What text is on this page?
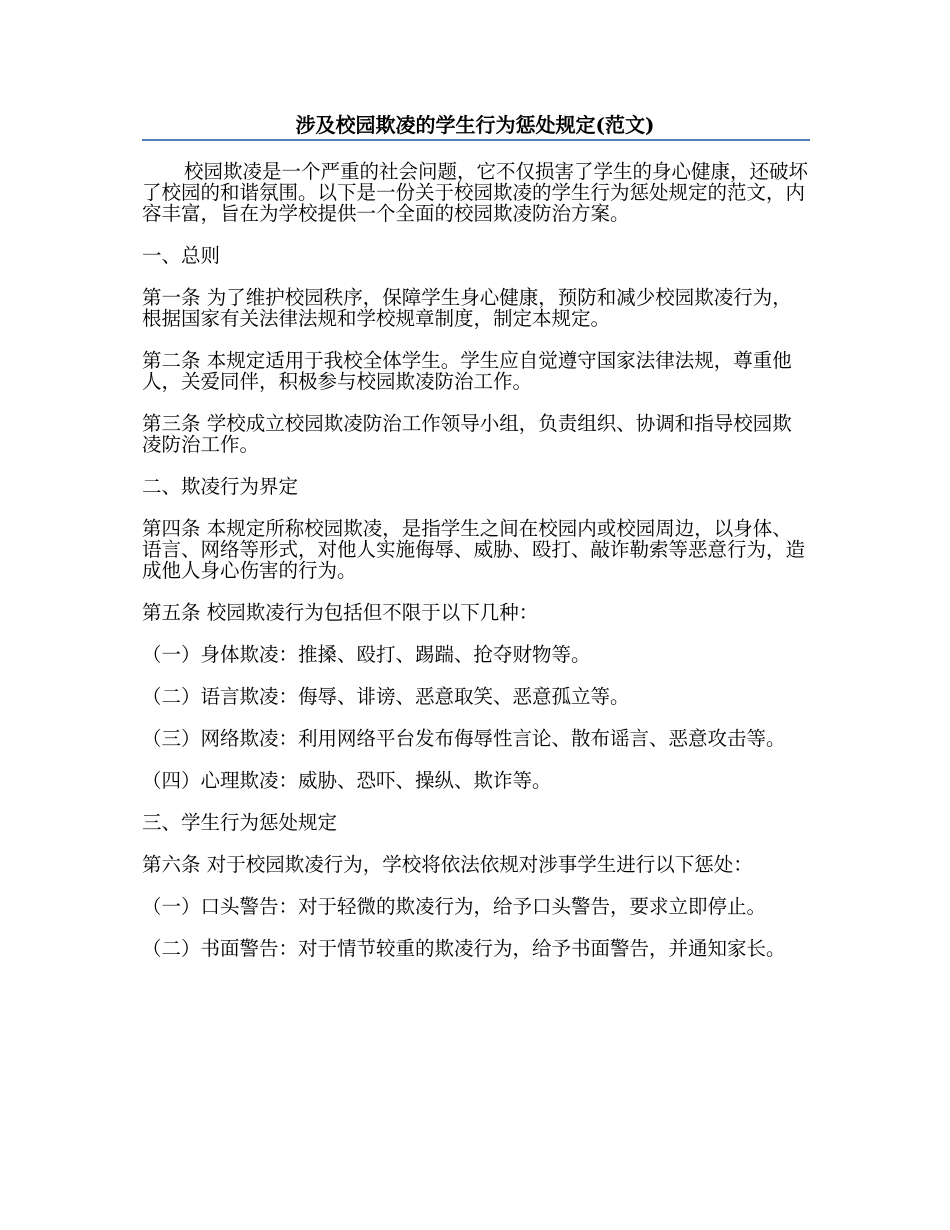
涉及校园欺凌的学生行为惩处规定(范文)

校园欺凌是一个严重的社会问题，它不仅损害了学生的身心健康，还破坏了校园的和谐氛围。以下是一份关于校园欺凌的学生行为惩处规定的范文，内容丰富，旨在为学校提供一个全面的校园欺凌防治方案。

一、总则

第一条 为了维护校园秩序，保障学生身心健康，预防和减少校园欺凌行为，根据国家有关法律法规和学校规章制度，制定本规定。

第二条 本规定适用于我校全体学生。学生应自觉遵守国家法律法规，尊重他人，关爱同伴，积极参与校园欺凌防治工作。

第三条 学校成立校园欺凌防治工作领导小组，负责组织、协调和指导校园欺凌防治工作。

二、欺凌行为界定

第四条 本规定所称校园欺凌，是指学生之间在校园内或校园周边，以身体、语言、网络等形式，对他人实施侮辱、威胁、殴打、敲诈勒索等恶意行为，造成他人身心伤害的行为。

第五条 校园欺凌行为包括但不限于以下几种：

（一）身体欺凌：推搡、殴打、踢踹、抢夺财物等。

（二）语言欺凌：侮辱、诽谤、恶意取笑、恶意孤立等。

（三）网络欺凌：利用网络平台发布侮辱性言论、散布谣言、恶意攻击等。

（四）心理欺凌：威胁、恐吓、操纵、欺诈等。

三、学生行为惩处规定

第六条 对于校园欺凌行为，学校将依法依规对涉事学生进行以下惩处：

（一）口头警告：对于轻微的欺凌行为，给予口头警告，要求立即停止。

（二）书面警告：对于情节较重的欺凌行为，给予书面警告，并通知家长。
